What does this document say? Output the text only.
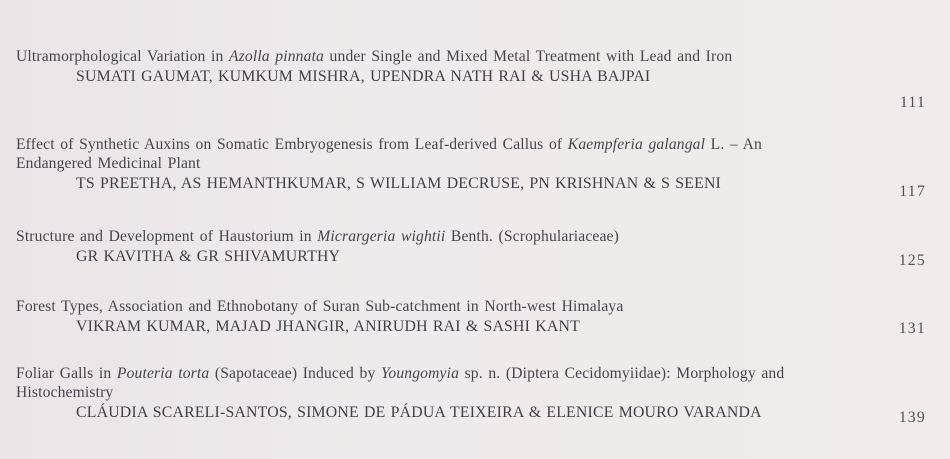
Ultramorphological Variation in Azolla pinnata under Single and Mixed Metal Treatment with Lead and Iron

SUMATI GAUMAT, KUMKUM MISHRA, UPENDRA NATH RAI & USHA BAJPAI
111

Effect of Synthetic Auxins on Somatic Embryogenesis from Leaf-derived Callus of Kaempferia galangal L. – An Endangered Medicinal Plant

TS PREETHA, AS HEMANTHKUMAR, S WILLIAM DECRUSE, PN KRISHNAN & S SEENI	117

Structure and Development of Haustorium in Micrargeria wightii Benth. (Scrophulariaceae)

GR KAVITHA & GR SHIVAMURTHY	125

Forest Types, Association and Ethnobotany of Suran Sub-catchment in North-west Himalaya

VIKRAM KUMAR, MAJAD JHANGIR, ANIRUDH RAI & SASHI KANT	131

Foliar Galls in Pouteria torta (Sapotaceae) Induced by Youngomyia sp. n. (Diptera Cecidomyiidae): Morphology and Histochemistry

CLÁUDIA SCARELI-SANTOS, SIMONE DE PÁDUA TEIXEIRA & ELENICE MOURO VARANDA	139
